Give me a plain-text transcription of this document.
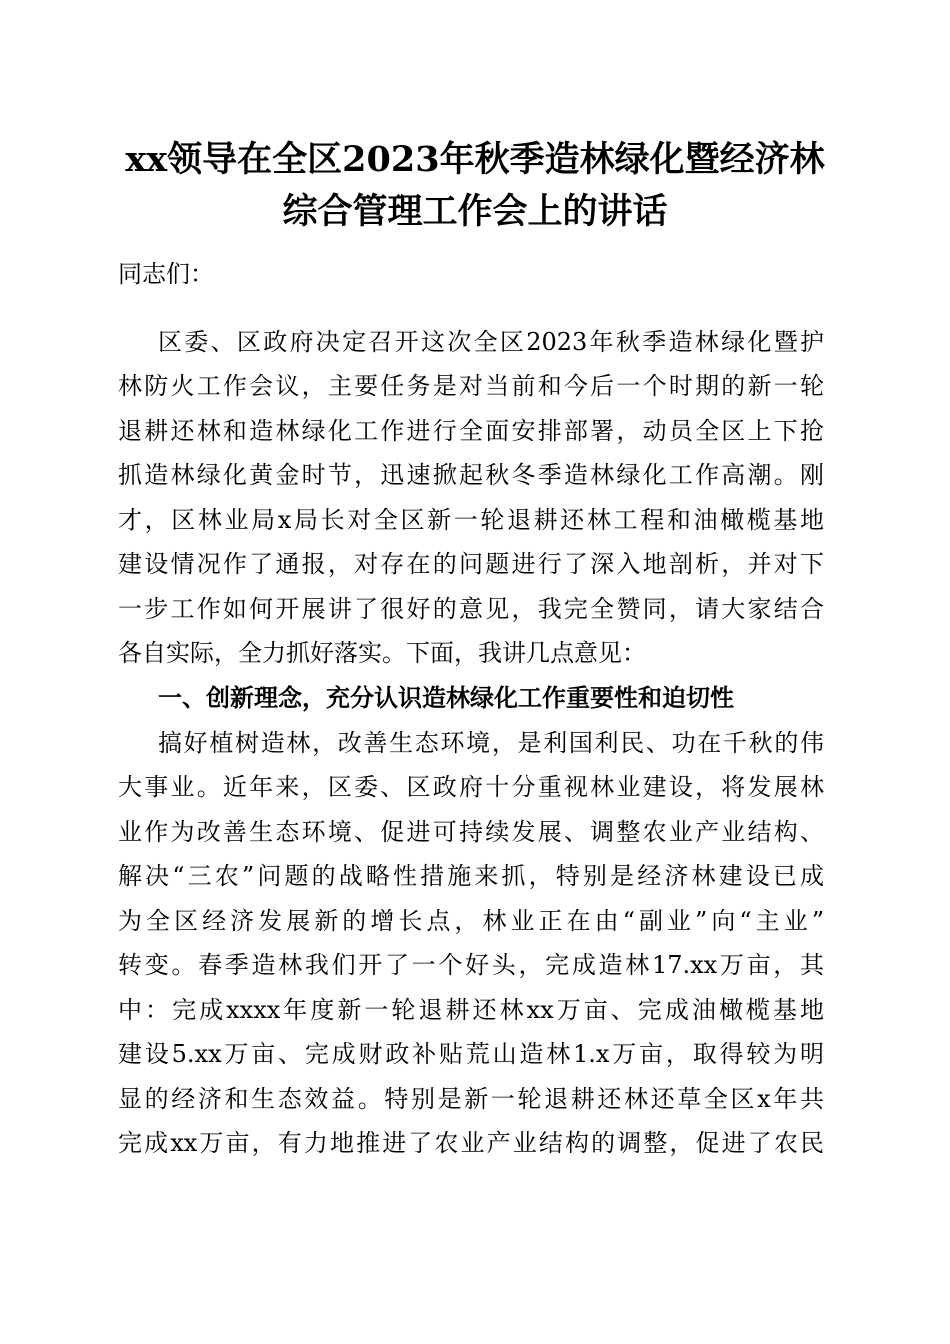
xx领导在全区2023年秋季造林绿化暨经济林
综合管理工作会上的讲话
同志们：
区委、区政府决定召开这次全区2023年秋季造林绿化暨护
林防火工作会议，主要任务是对当前和今后一个时期的新一轮
退耕还林和造林绿化工作进行全面安排部署，动员全区上下抢
抓造林绿化黄金时节，迅速掀起秋冬季造林绿化工作高潮。刚
才，区林业局x局长对全区新一轮退耕还林工程和油橄榄基地
建设情况作了通报，对存在的问题进行了深入地剖析，并对下
一步工作如何开展讲了很好的意见，我完全赞同，请大家结合
各自实际，全力抓好落实。下面，我讲几点意见：
一、创新理念，充分认识造林绿化工作重要性和迫切性
搞好植树造林，改善生态环境，是利国利民、功在千秋的伟
大事业。近年来，区委、区政府十分重视林业建设，将发展林
业作为改善生态环境、促进可持续发展、调整农业产业结构、
解决“三农”问题的战略性措施来抓，特别是经济林建设已成
为全区经济发展新的增长点，林业正在由“副业”向“主业”
转变。春季造林我们开了一个好头，完成造林17.xx万亩，其
中：完成xxxx年度新一轮退耕还林xx万亩、完成油橄榄基地
建设5.xx万亩、完成财政补贴荒山造林1.x万亩，取得较为明
显的经济和生态效益。特别是新一轮退耕还林还草全区x年共
完成xx万亩，有力地推进了农业产业结构的调整，促进了农民
